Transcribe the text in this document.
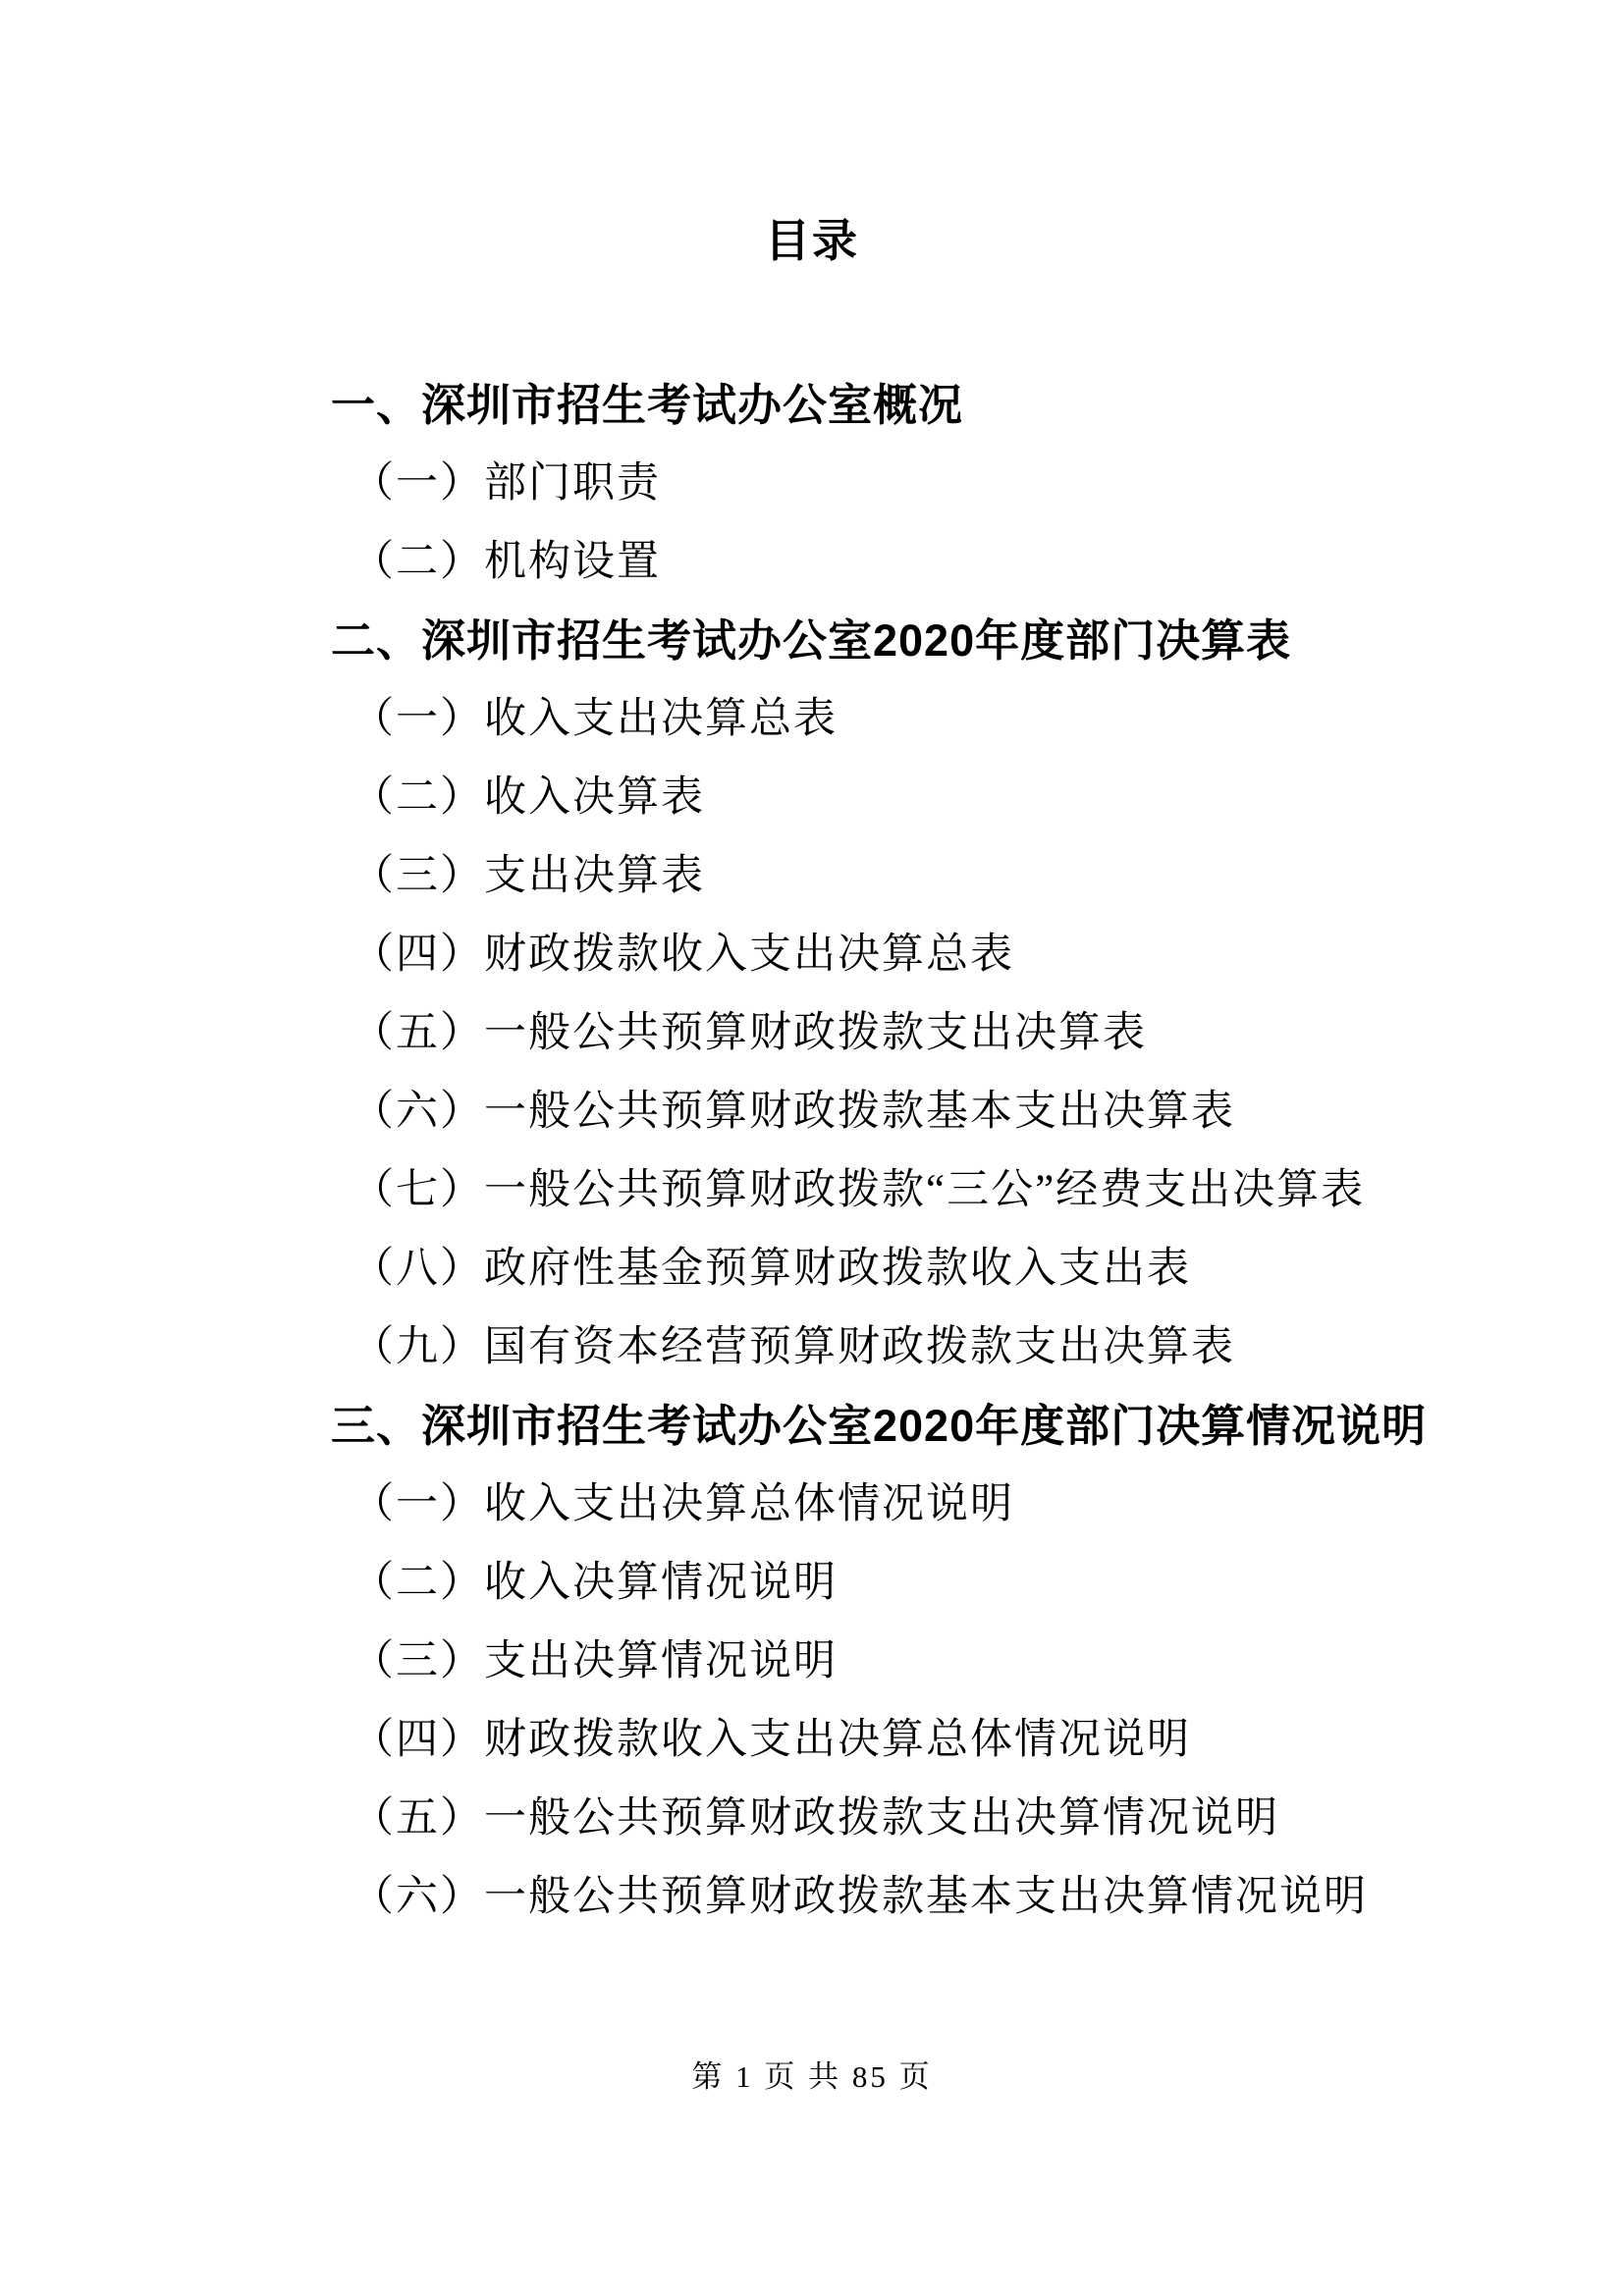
目录
一、深圳市招生考试办公室概况
（一）部门职责
（二）机构设置
二、深圳市招生考试办公室2020年度部门决算表
（一）收入支出决算总表
（二）收入决算表
（三）支出决算表
（四）财政拨款收入支出决算总表
（五）一般公共预算财政拨款支出决算表
（六）一般公共预算财政拨款基本支出决算表
（七）一般公共预算财政拨款“三公”经费支出决算表
（八）政府性基金预算财政拨款收入支出表
（九）国有资本经营预算财政拨款支出决算表
三、深圳市招生考试办公室2020年度部门决算情况说明
（一）收入支出决算总体情况说明
（二）收入决算情况说明
（三）支出决算情况说明
（四）财政拨款收入支出决算总体情况说明
（五）一般公共预算财政拨款支出决算情况说明
（六）一般公共预算财政拨款基本支出决算情况说明
第 1 页 共 85 页
